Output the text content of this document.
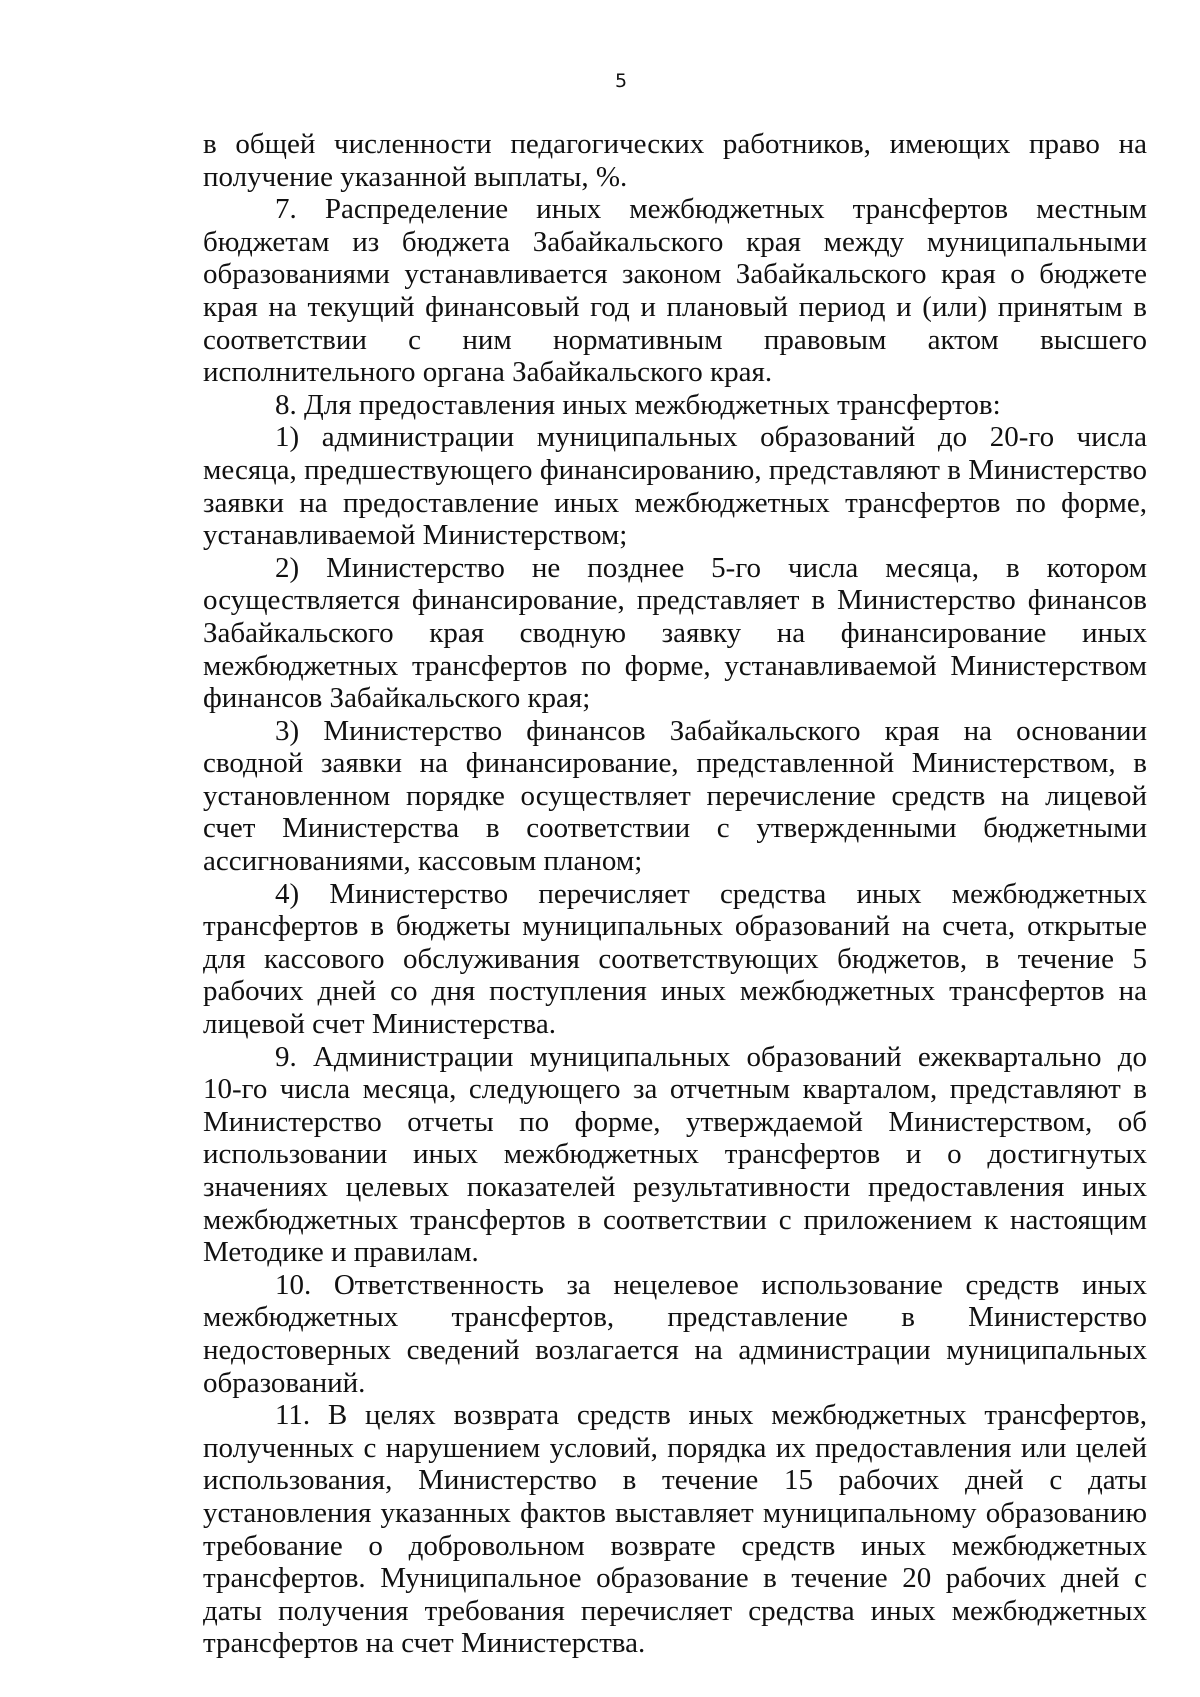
5

в общей численности педагогических работников, имеющих право на получение указанной выплаты, %.

7. Распределение иных межбюджетных трансфертов местным бюджетам из бюджета Забайкальского края между муниципальными образованиями устанавливается законом Забайкальского края о бюджете края на текущий финансовый год и плановый период и (или) принятым в соответствии с ним нормативным правовым актом высшего исполнительного органа Забайкальского края.

8. Для предоставления иных межбюджетных трансфертов:

1) администрации муниципальных образований до 20-го числа месяца, предшествующего финансированию, представляют в Министерство заявки на предоставление иных межбюджетных трансфертов по форме, устанавливаемой Министерством;

2) Министерство не позднее 5-го числа месяца, в котором осуществляется финансирование, представляет в Министерство финансов Забайкальского края сводную заявку на финансирование иных межбюджетных трансфертов по форме, устанавливаемой Министерством финансов Забайкальского края;

3) Министерство финансов Забайкальского края на основании сводной заявки на финансирование, представленной Министерством, в установленном порядке осуществляет перечисление средств на лицевой счет Министерства в соответствии с утвержденными бюджетными ассигнованиями, кассовым планом;

4) Министерство перечисляет средства иных межбюджетных трансфертов в бюджеты муниципальных образований на счета, открытые для кассового обслуживания соответствующих бюджетов, в течение 5 рабочих дней со дня поступления иных межбюджетных трансфертов на лицевой счет Министерства.

9. Администрации муниципальных образований ежеквартально до 10-го числа месяца, следующего за отчетным кварталом, представляют в Министерство отчеты по форме, утверждаемой Министерством, об использовании иных межбюджетных трансфертов и о достигнутых значениях целевых показателей результативности предоставления иных межбюджетных трансфертов в соответствии с приложением к настоящим Методике и правилам.

10. Ответственность за нецелевое использование средств иных межбюджетных трансфертов, представление в Министерство недостоверных сведений возлагается на администрации муниципальных образований.

11. В целях возврата средств иных межбюджетных трансфертов, полученных с нарушением условий, порядка их предоставления или целей использования, Министерство в течение 15 рабочих дней с даты установления указанных фактов выставляет муниципальному образованию требование о добровольном возврате средств иных межбюджетных трансфертов. Муниципальное образование в течение 20 рабочих дней с даты получения требования перечисляет средства иных межбюджетных трансфертов на счет Министерства.
